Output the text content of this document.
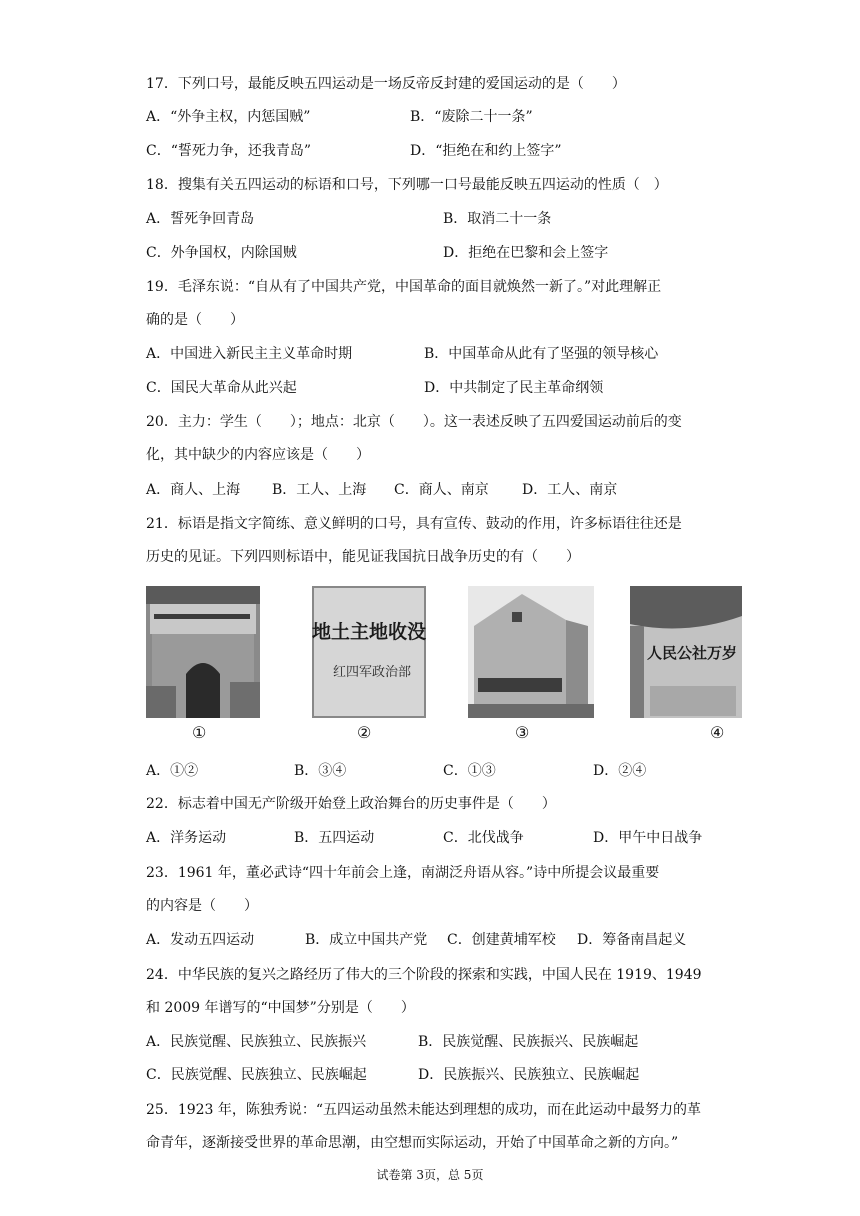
17．下列口号，最能反映五四运动是一场反帝反封建的爱国运动的是（　　）
A．“外争主权，内惩国贼”	B．“废除二十一条”
C．“誓死力争，还我青岛”	D．“拒绝在和约上签字”
18．搜集有关五四运动的标语和口号，下列哪一口号最能反映五四运动的性质（　）
A．誓死争回青岛	B．取消二十一条
C．外争国权，内除国贼	D．拒绝在巴黎和会上签字
19．毛泽东说：“自从有了中国共产党，中国革命的面目就焕然一新了。”对此理解正
确的是（　　）
A．中国进入新民主主义革命时期	B．中国革命从此有了坚强的领导核心
C．国民大革命从此兴起	D．中共制定了民主革命纲领
20．主力：学生（　　）；地点：北京（　　）。这一表述反映了五四爱国运动前后的变
化，其中缺少的内容应该是（　　）
A．商人、上海 B．工人、上海 C．商人、南京 D．工人、南京
21．标语是指文字简练、意义鲜明的口号，具有宣传、鼓动的作用，许多标语往往还是
历史的见证。下列四则标语中，能见证我国抗日战争历史的有（　　）
地土主地收没
红四军政治部
人民公社万岁
①	②	③	④
A．①②	B．③④	C．①③	D．②④
22．标志着中国无产阶级开始登上政治舞台的历史事件是（　　）
A．洋务运动	B．五四运动	C．北伐战争	D．甲午中日战争
23．1961 年，董必武诗“四十年前会上逢，南湖泛舟语从容。”诗中所提会议最重要
的内容是（　　）
A．发动五四运动	B．成立中国共产党 C．创建黄埔军校 D．筹备南昌起义
24．中华民族的复兴之路经历了伟大的三个阶段的探索和实践，中国人民在 1919、1949
和 2009 年谱写的“中国梦”分别是（　　）
A．民族觉醒、民族独立、民族振兴	B．民族觉醒、民族振兴、民族崛起
C．民族觉醒、民族独立、民族崛起	D．民族振兴、民族独立、民族崛起
25．1923 年，陈独秀说：“五四运动虽然未能达到理想的成功，而在此运动中最努力的革
命青年，逐渐接受世界的革命思潮，由空想而实际运动，开始了中国革命之新的方向。”
试卷第 3页，总 5页
